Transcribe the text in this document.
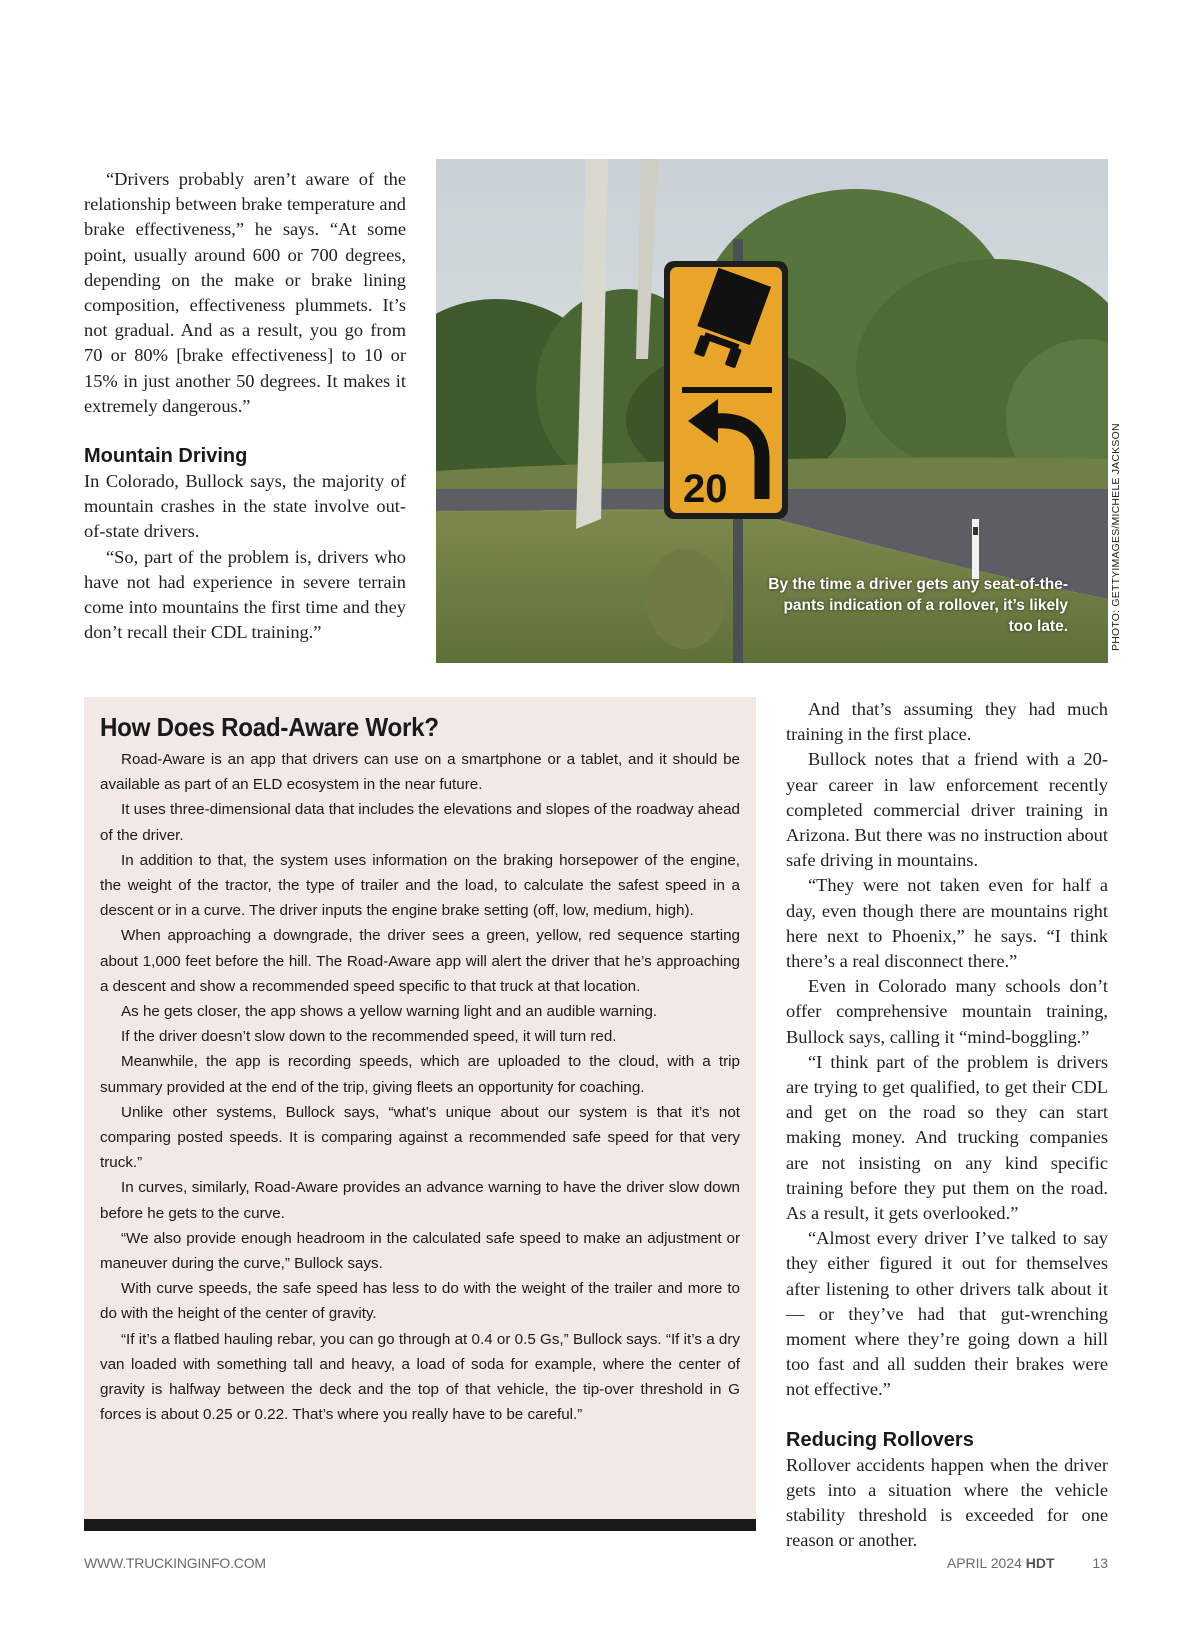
“Drivers probably aren’t aware of the relationship between brake temperature and brake effectiveness,” he says. “At some point, usually around 600 or 700 degrees, depending on the make or brake lining composition, effectiveness plummets. It’s not gradual. And as a result, you go from 70 or 80% [brake effectiveness] to 10 or 15% in just another 50 degrees. It makes it extremely dangerous.”

Mountain Driving

In Colorado, Bullock says, the majority of mountain crashes in the state involve out-of-state drivers.

“So, part of the problem is, drivers who have not had experience in severe terrain come into mountains the first time and they don’t recall their CDL training.”

20
By the time a driver gets any seat-of-the-pants indication of a rollover, it’s likely too late.	PHOTO: GETTYIMAGES/MICHELE JACKSON
How Does Road-Aware Work?

Road-Aware is an app that drivers can use on a smartphone or a tablet, and it should be available as part of an ELD ecosystem in the near future.

It uses three-dimensional data that includes the elevations and slopes of the roadway ahead of the driver.

In addition to that, the system uses information on the braking horsepower of the engine, the weight of the tractor, the type of trailer and the load, to calculate the safest speed in a descent or in a curve. The driver inputs the engine brake setting (off, low, medium, high).

When approaching a downgrade, the driver sees a green, yellow, red sequence starting about 1,000 feet before the hill. The Road-Aware app will alert the driver that he’s approaching a descent and show a recommended speed specific to that truck at that location.

As he gets closer, the app shows a yellow warning light and an audible warning.

If the driver doesn’t slow down to the recommended speed, it will turn red.

Meanwhile, the app is recording speeds, which are uploaded to the cloud, with a trip summary provided at the end of the trip, giving fleets an opportunity for coaching.

Unlike other systems, Bullock says, “what’s unique about our system is that it’s not comparing posted speeds. It is comparing against a recommended safe speed for that very truck.”

In curves, similarly, Road-Aware provides an advance warning to have the driver slow down before he gets to the curve.

“We also provide enough headroom in the calculated safe speed to make an adjustment or maneuver during the curve,” Bullock says.

With curve speeds, the safe speed has less to do with the weight of the trailer and more to do with the height of the center of gravity.

“If it’s a flatbed hauling rebar, you can go through at 0.4 or 0.5 Gs,” Bullock says. “If it’s a dry van loaded with something tall and heavy, a load of soda for example, where the center of gravity is halfway between the deck and the top of that vehicle, the tip-over threshold in G forces is about 0.25 or 0.22. That’s where you really have to be careful.”

And that’s assuming they had much training in the first place.

Bullock notes that a friend with a 20-year career in law enforcement recently completed commercial driver training in Arizona. But there was no instruction about safe driving in mountains.

“They were not taken even for half a day, even though there are mountains right here next to Phoenix,” he says. “I think there’s a real disconnect there.”

Even in Colorado many schools don’t offer comprehensive mountain training, Bullock says, calling it “mind-boggling.”

“I think part of the problem is drivers are trying to get qualified, to get their CDL and get on the road so they can start making money. And trucking companies are not insisting on any kind specific training before they put them on the road. As a result, it gets overlooked.”

“Almost every driver I’ve talked to say they either figured it out for themselves after listening to other drivers talk about it — or they’ve had that gut-wrenching moment where they’re going down a hill too fast and all sudden their brakes were not effective.”

Reducing Rollovers

Rollover accidents happen when the driver gets into a situation where the vehicle stability threshold is exceeded for one reason or another.

WWW.TRUCKINGINFO.COM	APRIL 2024 HDT	13
